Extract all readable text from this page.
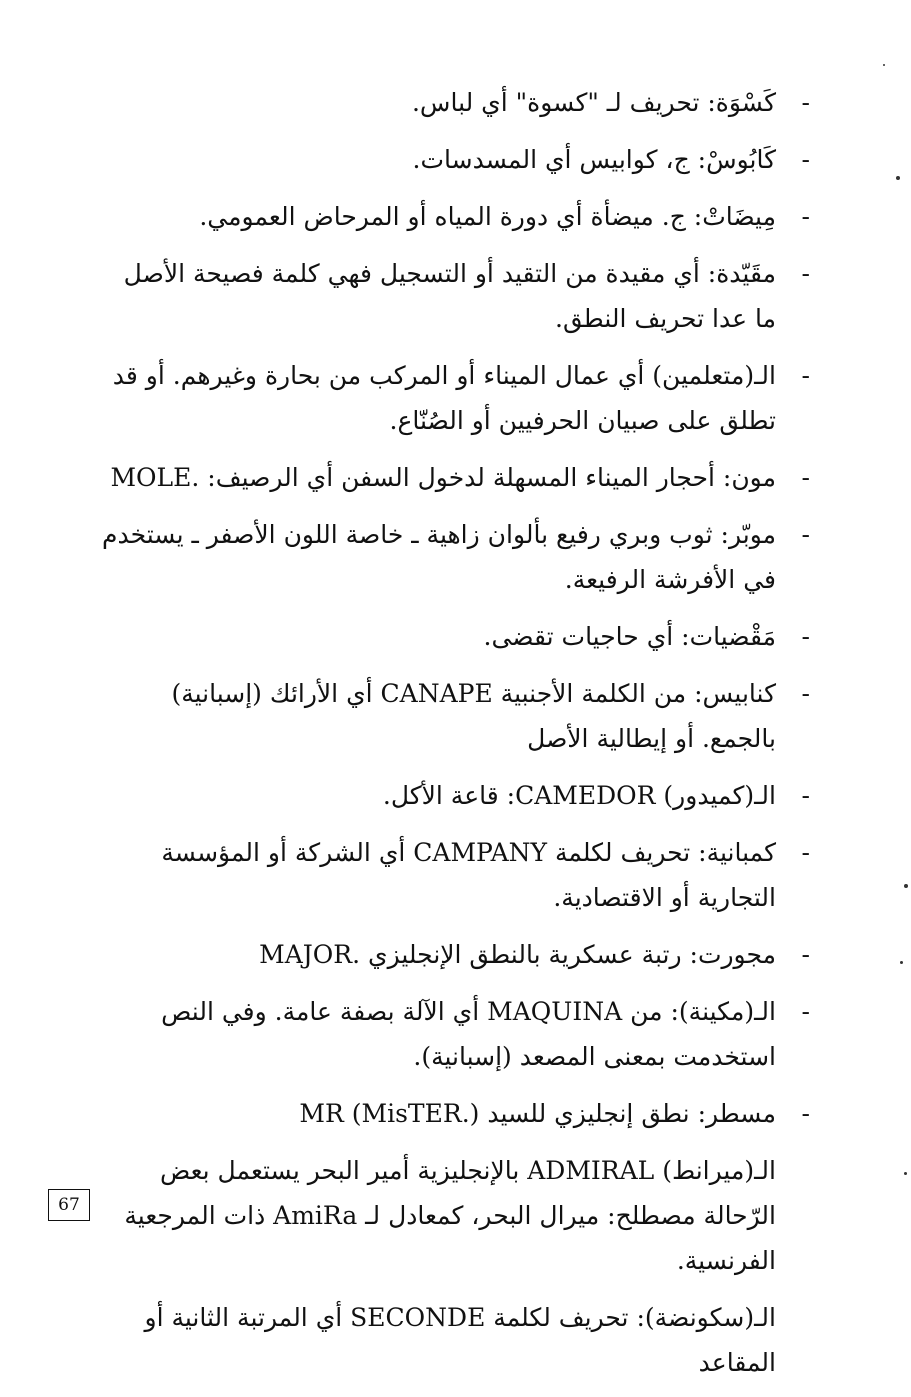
-
كَسْوَة: تحريف لـ "كسوة" أي لباس.
-
كَابُوسْ: ج، كوابيس أي المسدسات.
-
مِيضَاتْ: ج. ميضأة أي دورة المياه أو المرحاض العمومي.
-
مقَيّدة: أي مقيدة من التقيد أو التسجيل فهي كلمة فصيحة الأصل ما عدا تحريف النطق.
-
الـ(متعلمين) أي عمال الميناء أو المركب من بحارة وغيرهم. أو قد تطلق على صبيان الحرفيين أو الصُنّاع.
-
مون: أحجار الميناء المسهلة لدخول السفن أي الرصيف: .MOLE
-
موبّر: ثوب وبري رفيع بألوان زاهية ـ خاصة اللون الأصفر ـ يستخدم في الأفرشة الرفيعة.
-
مَقْضيات: أي حاجيات تقضى.
-
كنابيس: من الكلمة الأجنبية CANAPE أي الأرائك (إسبانية) بالجمع. أو إيطالية الأصل
-
الـ(كميدور) CAMEDOR: قاعة الأكل.
-
كمبانية: تحريف لكلمة CAMPANY أي الشركة أو المؤسسة التجارية أو الاقتصادية.
-
مجورت: رتبة عسكرية بالنطق الإنجليزي .MAJOR
-
الـ(مكينة): من MAQUINA أي الآلة بصفة عامة. وفي النص استخدمت بمعنى المصعد (إسبانية).
-
مسطر: نطق إنجليزي للسيد (.MR (MisTER
الـ(ميرانط) ADMIRAL بالإنجليزية أمير البحر يستعمل بعض الرّحالة مصطلح: ميرال البحر، كمعادل لـ AmiRa ذات المرجعية الفرنسية.
الـ(سكونضة): تحريف لكلمة SECONDE أي المرتبة الثانية أو المقاعد
67
